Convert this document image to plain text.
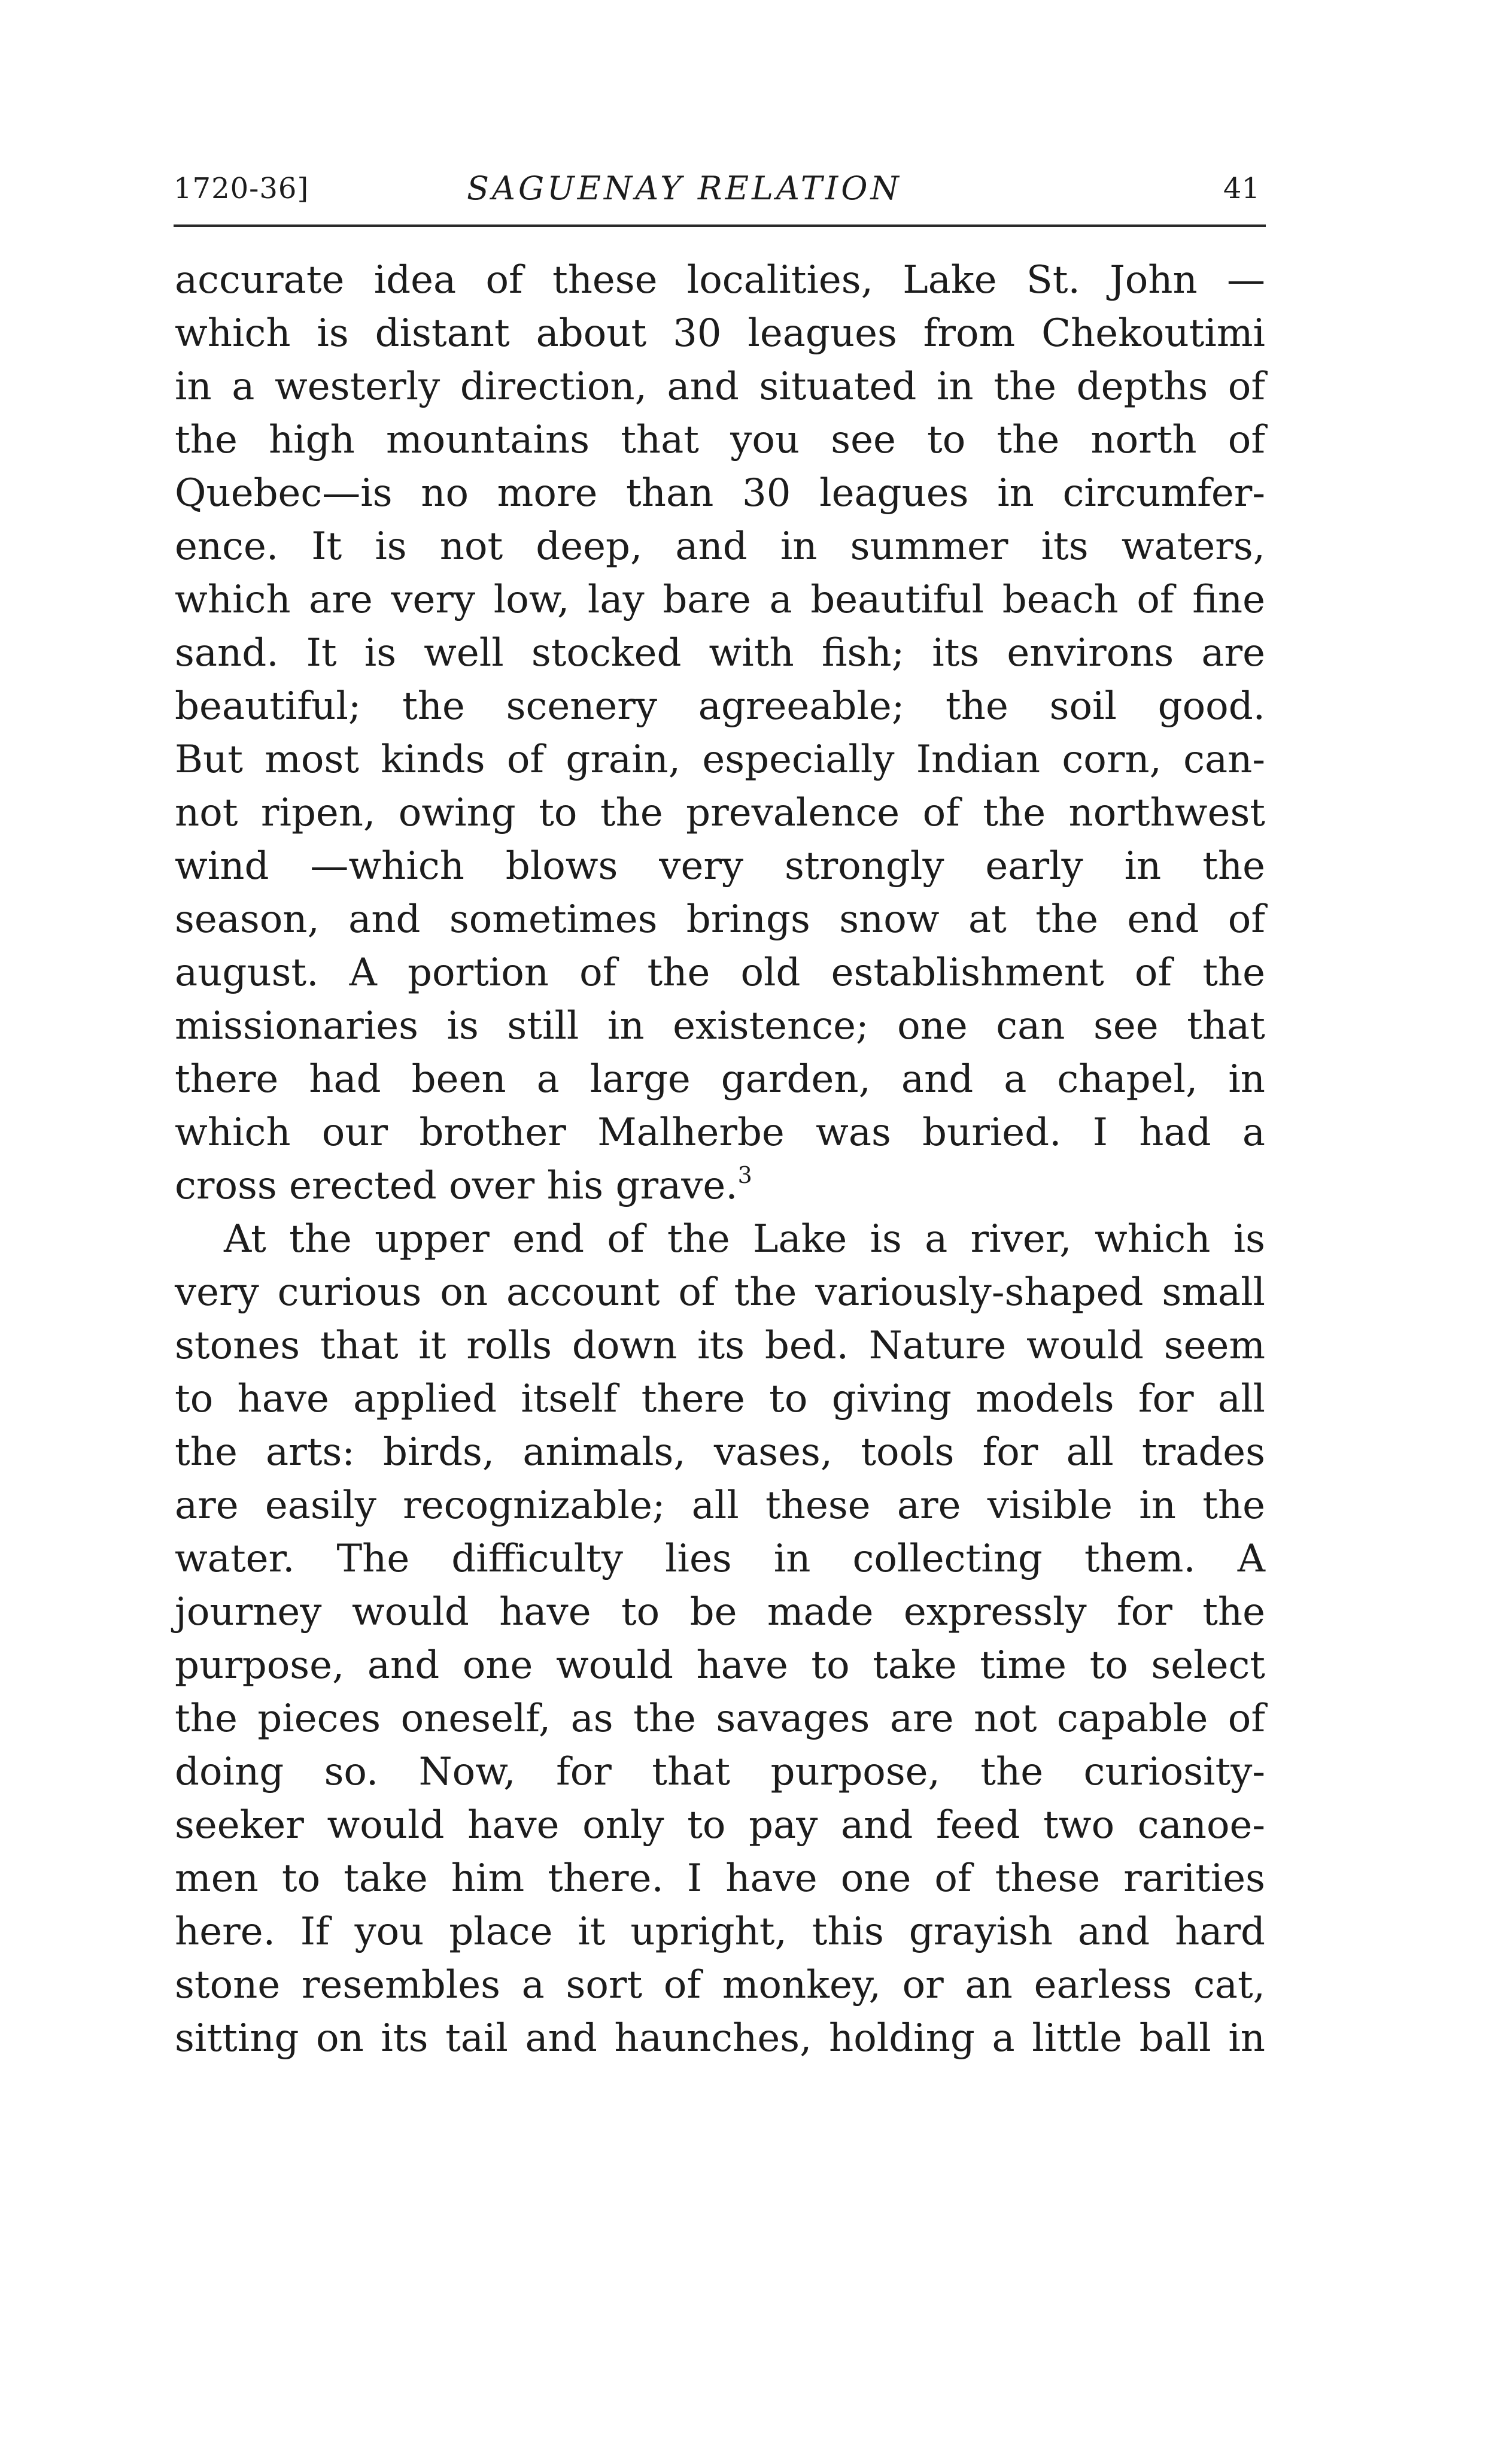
1720-36]	SAGUENAY RELATION	41
accurate idea of these localities, Lake St. John —
which is distant about 30 leagues from Chekoutimi
in a westerly direction, and situated in the depths of
the high mountains that you see to the north of
Quebec—is no more than 30 leagues in circumfer-
ence. It is not deep, and in summer its waters,
which are very low, lay bare a beautiful beach of fine
sand. It is well stocked with fish; its environs are
beautiful; the scenery agreeable; the soil good.
But most kinds of grain, especially Indian corn, can-
not ripen, owing to the prevalence of the northwest
wind —which blows very strongly early in the
season, and sometimes brings snow at the end of
august. A portion of the old establishment of the
missionaries is still in existence; one can see that
there had been a large garden, and a chapel, in
which our brother Malherbe was buried. I had a
cross erected over his grave.$^3$
At the upper end of the Lake is a river, which is
very curious on account of the variously-shaped small
stones that it rolls down its bed. Nature would seem
to have applied itself there to giving models for all
the arts: birds, animals, vases, tools for all trades
are easily recognizable; all these are visible in the
water. The difficulty lies in collecting them. A
journey would have to be made expressly for the
purpose, and one would have to take time to select
the pieces oneself, as the savages are not capable of
doing so. Now, for that purpose, the curiosity-
seeker would have only to pay and feed two canoe-
men to take him there. I have one of these rarities
here. If you place it upright, this grayish and hard
stone resembles a sort of monkey, or an earless cat,
sitting on its tail and haunches, holding a little ball in
